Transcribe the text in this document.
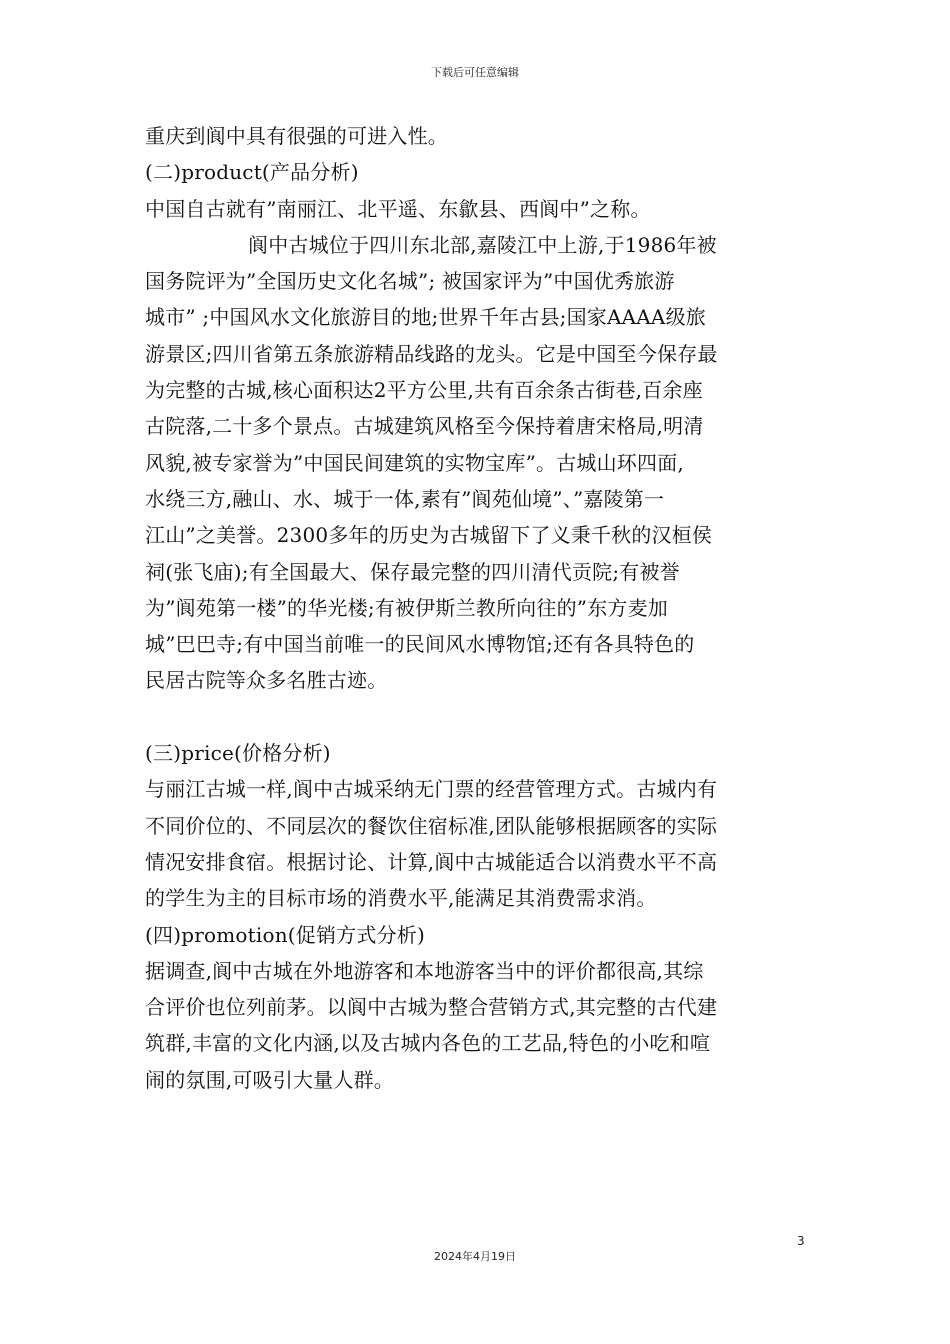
下载后可任意编辑
重庆到阆中具有很强的可进入性。
(二)product(产品分析)
中国自古就有”南丽江、北平遥、东歙县、西阆中”之称。
阆中古城位于四川东北部,嘉陵江中上游,于1986年被
国务院评为”全国历史文化名城”; 被国家评为”中国优秀旅游
城市” ;中国风水文化旅游目的地;世界千年古县;国家AAAA级旅
游景区;四川省第五条旅游精品线路的龙头。它是中国至今保存最
为完整的古城,核心面积达2平方公里,共有百余条古街巷,百余座
古院落,二十多个景点。古城建筑风格至今保持着唐宋格局,明清
风貌,被专家誉为”中国民间建筑的实物宝库”。古城山环四面,
水绕三方,融山、水、城于一体,素有”阆苑仙境”、”嘉陵第一
江山”之美誉。2300多年的历史为古城留下了义秉千秋的汉桓侯
祠(张飞庙);有全国最大、保存最完整的四川清代贡院;有被誉
为”阆苑第一楼”的华光楼;有被伊斯兰教所向往的”东方麦加
城”巴巴寺;有中国当前唯一的民间风水博物馆;还有各具特色的
民居古院等众多名胜古迹。
(三)price(价格分析)
与丽江古城一样,阆中古城采纳无门票的经营管理方式。古城内有
不同价位的、不同层次的餐饮住宿标准,团队能够根据顾客的实际
情况安排食宿。根据讨论、计算,阆中古城能适合以消费水平不高
的学生为主的目标市场的消费水平,能满足其消费需求消。
(四)promotion(促销方式分析)
据调查,阆中古城在外地游客和本地游客当中的评价都很高,其综
合评价也位列前茅。以阆中古城为整合营销方式,其完整的古代建
筑群,丰富的文化内涵,以及古城内各色的工艺品,特色的小吃和喧
闹的氛围,可吸引大量人群。
3
2024年4月19日
